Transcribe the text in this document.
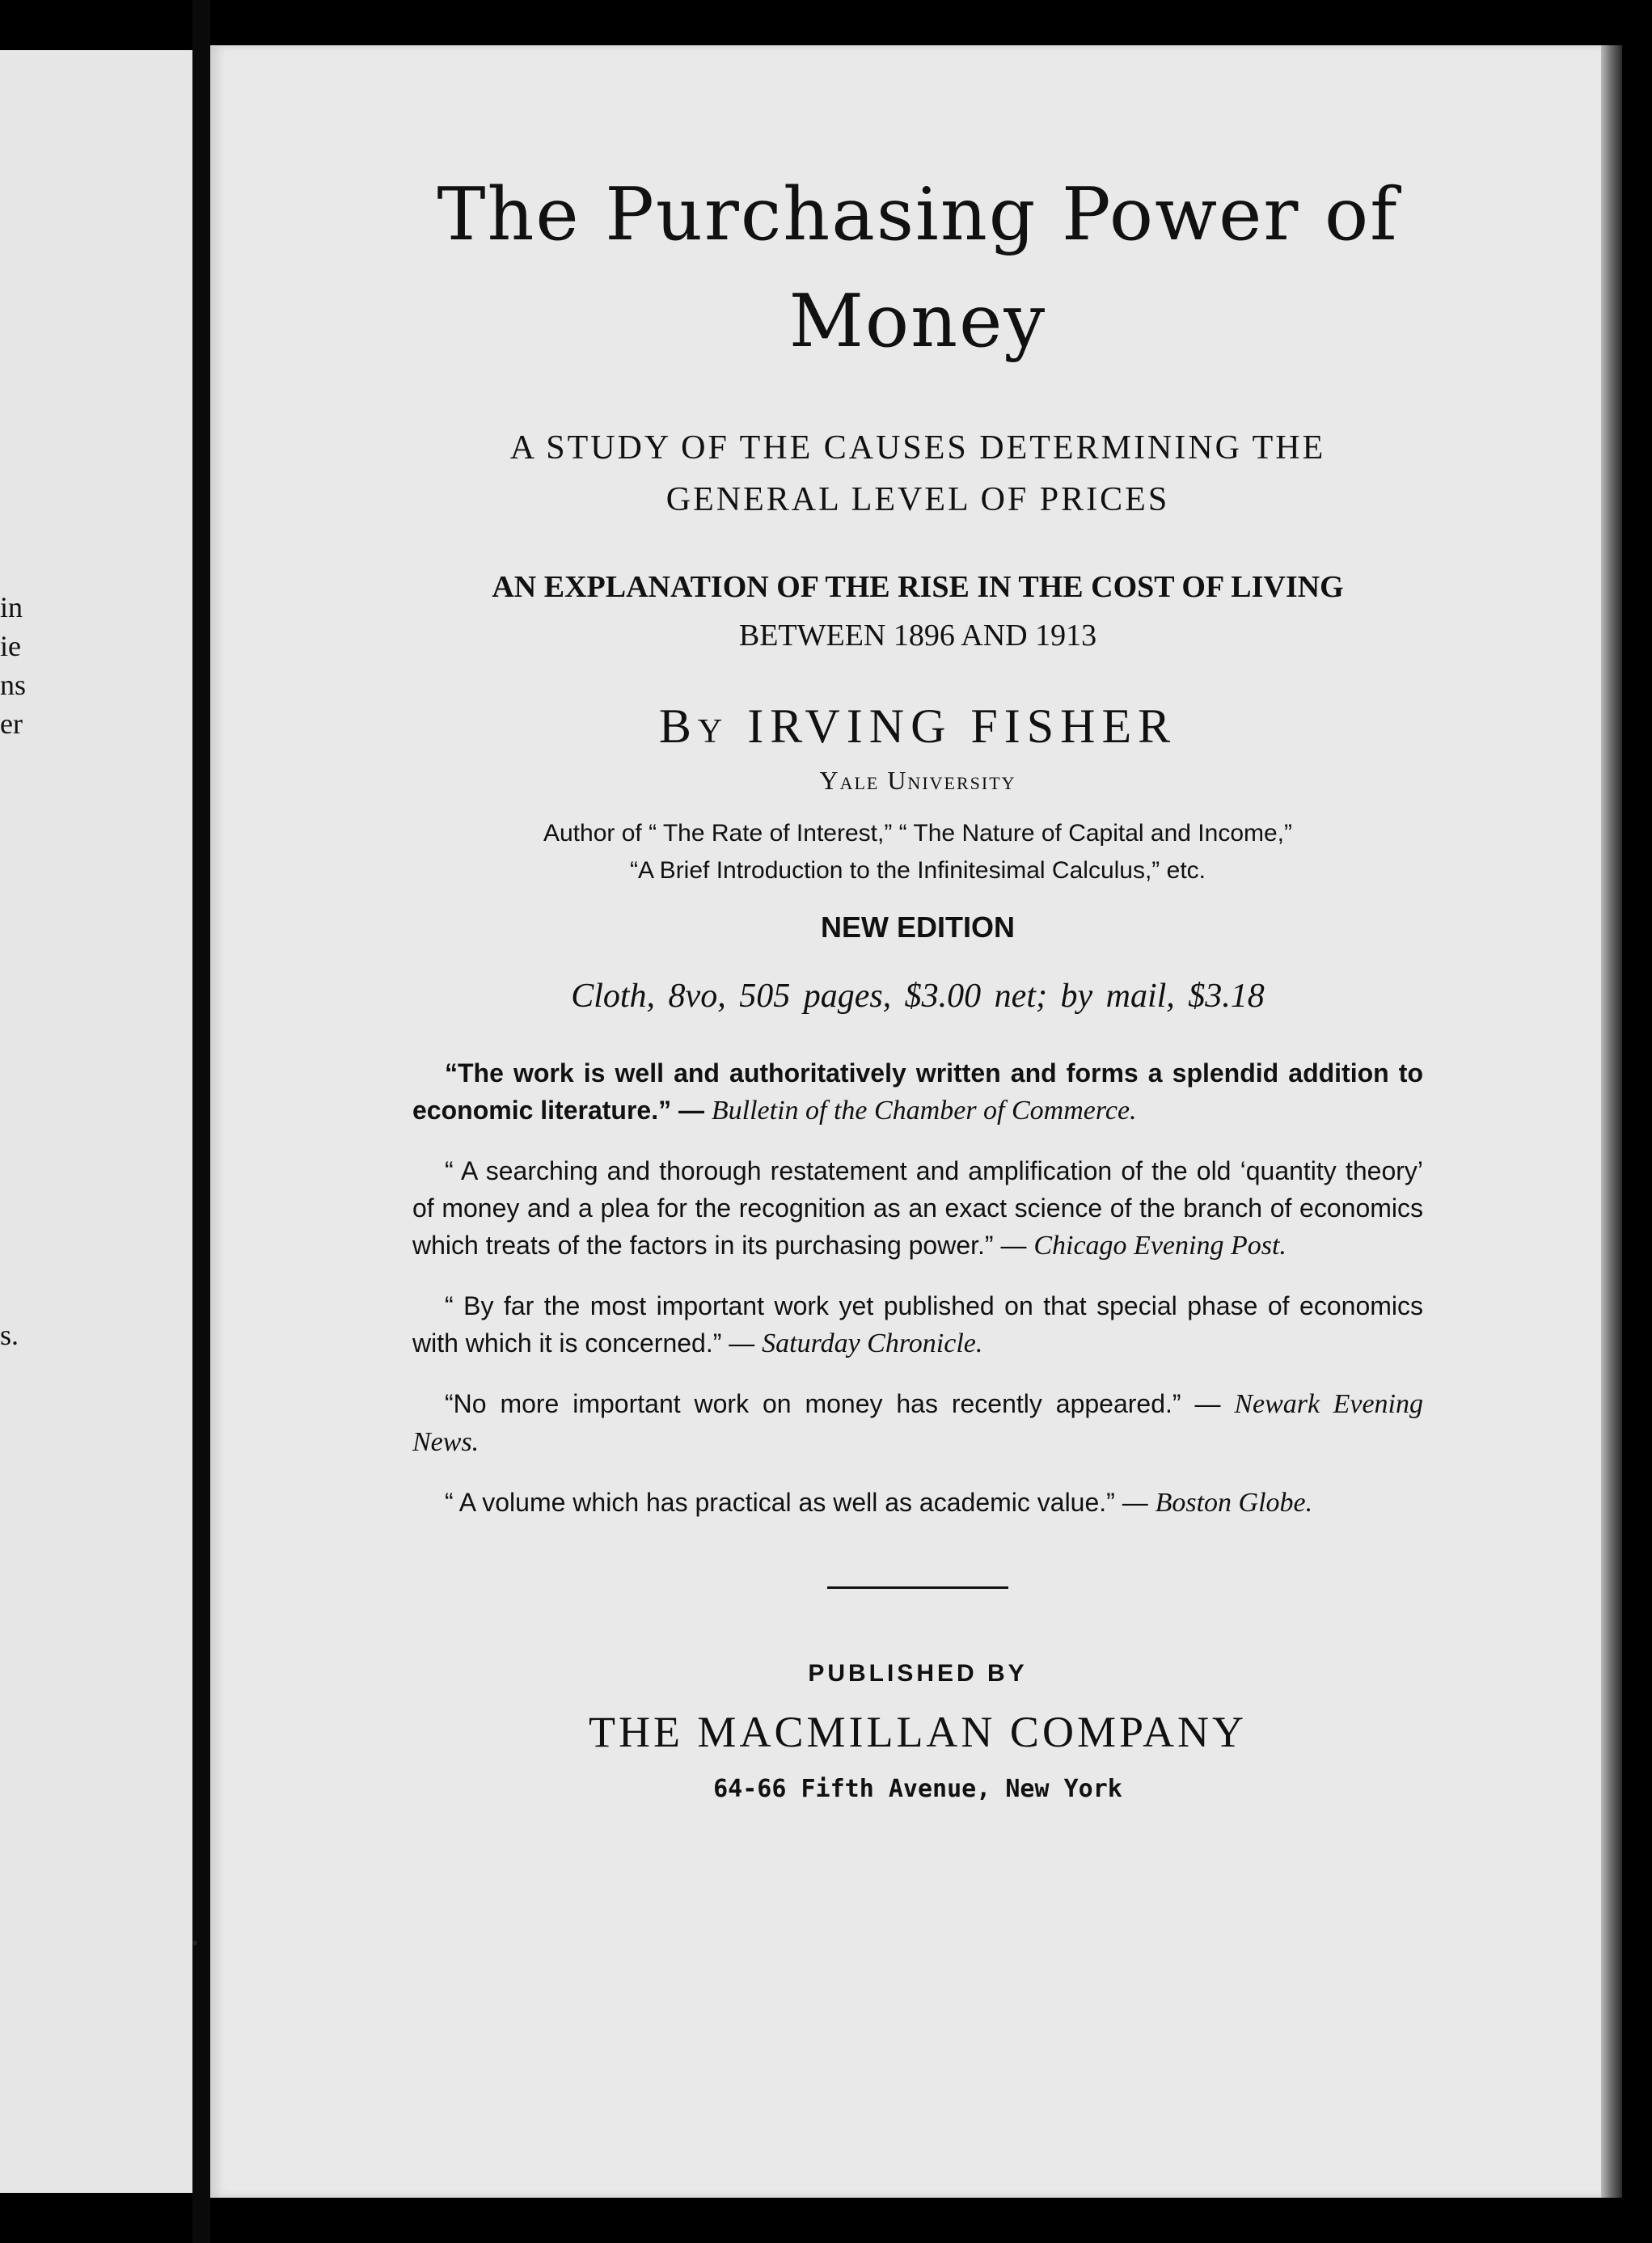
in
ie
ns
er
s.
The Purchasing Power of
Money
A STUDY OF THE CAUSES DETERMINING THE
GENERAL LEVEL OF PRICES
AN EXPLANATION OF THE RISE IN THE COST OF LIVING
BETWEEN 1896 AND 1913
By IRVING FISHER
Yale University
Author of “ The Rate of Interest,” “ The Nature of Capital and Income,”
“A Brief Introduction to the Infinitesimal Calculus,” etc.
NEW EDITION
Cloth, 8vo, 505 pages, $3.00 net; by mail, $3.18

“The work is well and authoritatively written and forms a splendid addition to economic literature.” — Bulletin of the Chamber of Commerce.

“ A searching and thorough restatement and amplification of the old ‘quantity theory’ of money and a plea for the recognition as an exact science of the branch of economics which treats of the factors in its purchasing power.” — Chicago Evening Post.

“ By far the most important work yet published on that special phase of economics with which it is concerned.” — Saturday Chronicle.

“No more important work on money has recently appeared.” — Newark Evening News.

“ A volume which has practical as well as academic value.” — Boston Globe.

PUBLISHED BY
THE MACMILLAN COMPANY
64-66 Fifth Avenue, New York
